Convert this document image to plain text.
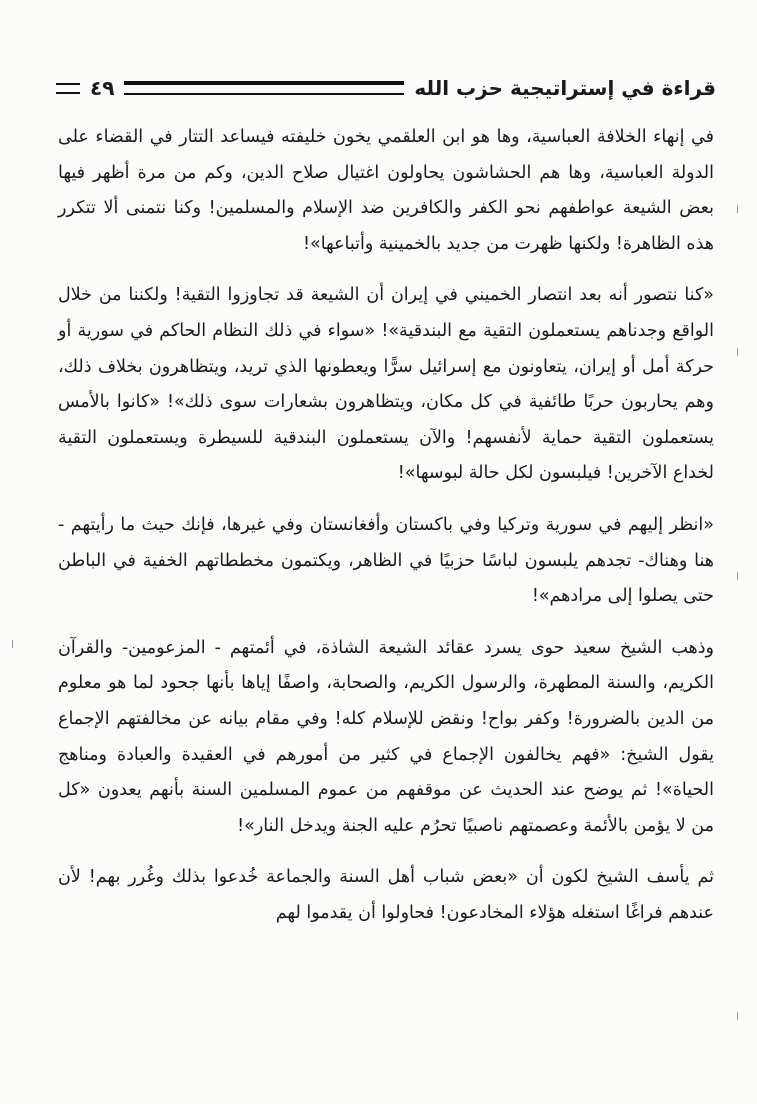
قراءة في إستراتيجية حزب الله
٤٩

في إنهاء الخلافة العباسية، وها هو ابن العلقمي يخون خليفته فيساعد التتار في القضاء على الدولة العباسية، وها هم الحشاشون يحاولون اغتيال صلاح الدين، وكم من مرة أظهر فيها بعض الشيعة عواطفهم نحو الكفر والكافرين ضد الإسلام والمسلمين! وكنا نتمنى ألا تتكرر هذه الظاهرة! ولكنها ظهرت من جديد بالخمينية وأتباعها»!

«كنا نتصور أنه بعد انتصار الخميني في إيران أن الشيعة قد تجاوزوا التقية! ولكننا من خلال الواقع وجدناهم يستعملون التقية مع البندقية»! «سواء في ذلك النظام الحاكم في سورية أو حركة أمل أو إيران، يتعاونون مع إسرائيل سرًّا ويعطونها الذي تريد، ويتظاهرون بخلاف ذلك، وهم يحاربون حربًا طائفية في كل مكان، ويتظاهرون بشعارات سوى ذلك»! «كانوا بالأمس يستعملون التقية حماية لأنفسهم! والآن يستعملون البندقية للسيطرة ويستعملون التقية لخداع الآخرين! فيلبسون لكل حالة لبوسها»!

«انظر إليهم في سورية وتركيا وفي باكستان وأفغانستان وفي غيرها، فإنك حيث ما رأيتهم - هنا وهناك- تجدهم يلبسون لباسًا حزبيًا في الظاهر، ويكتمون مخططاتهم الخفية في الباطن حتى يصلوا إلى مرادهم»!

وذهب الشيخ سعيد حوى يسرد عقائد الشيعة الشاذة، في أئمتهم - المزعومين- والقرآن الكريم، والسنة المطهرة، والرسول الكريم، والصحابة، واصفًا إياها بأنها جحود لما هو معلوم من الدين بالضرورة! وكفر بواح! ونقض للإسلام كله! وفي مقام بيانه عن مخالفتهم الإجماع يقول الشيخ: «فهم يخالفون الإجماع في كثير من أمورهم في العقيدة والعبادة ومناهج الحياة»! ثم يوضح عند الحديث عن موقفهم من عموم المسلمين السنة بأنهم يعدون «كل من لا يؤمن بالأئمة وعصمتهم ناصبيًا تحرُم عليه الجنة ويدخل النار»!

ثم يأسف الشيخ لكون أن «بعض شباب أهل السنة والجماعة خُدعوا بذلك وغُرر بهم! لأن عندهم فراغًا استغله هؤلاء المخادعون! فحاولوا أن يقدموا لهم
